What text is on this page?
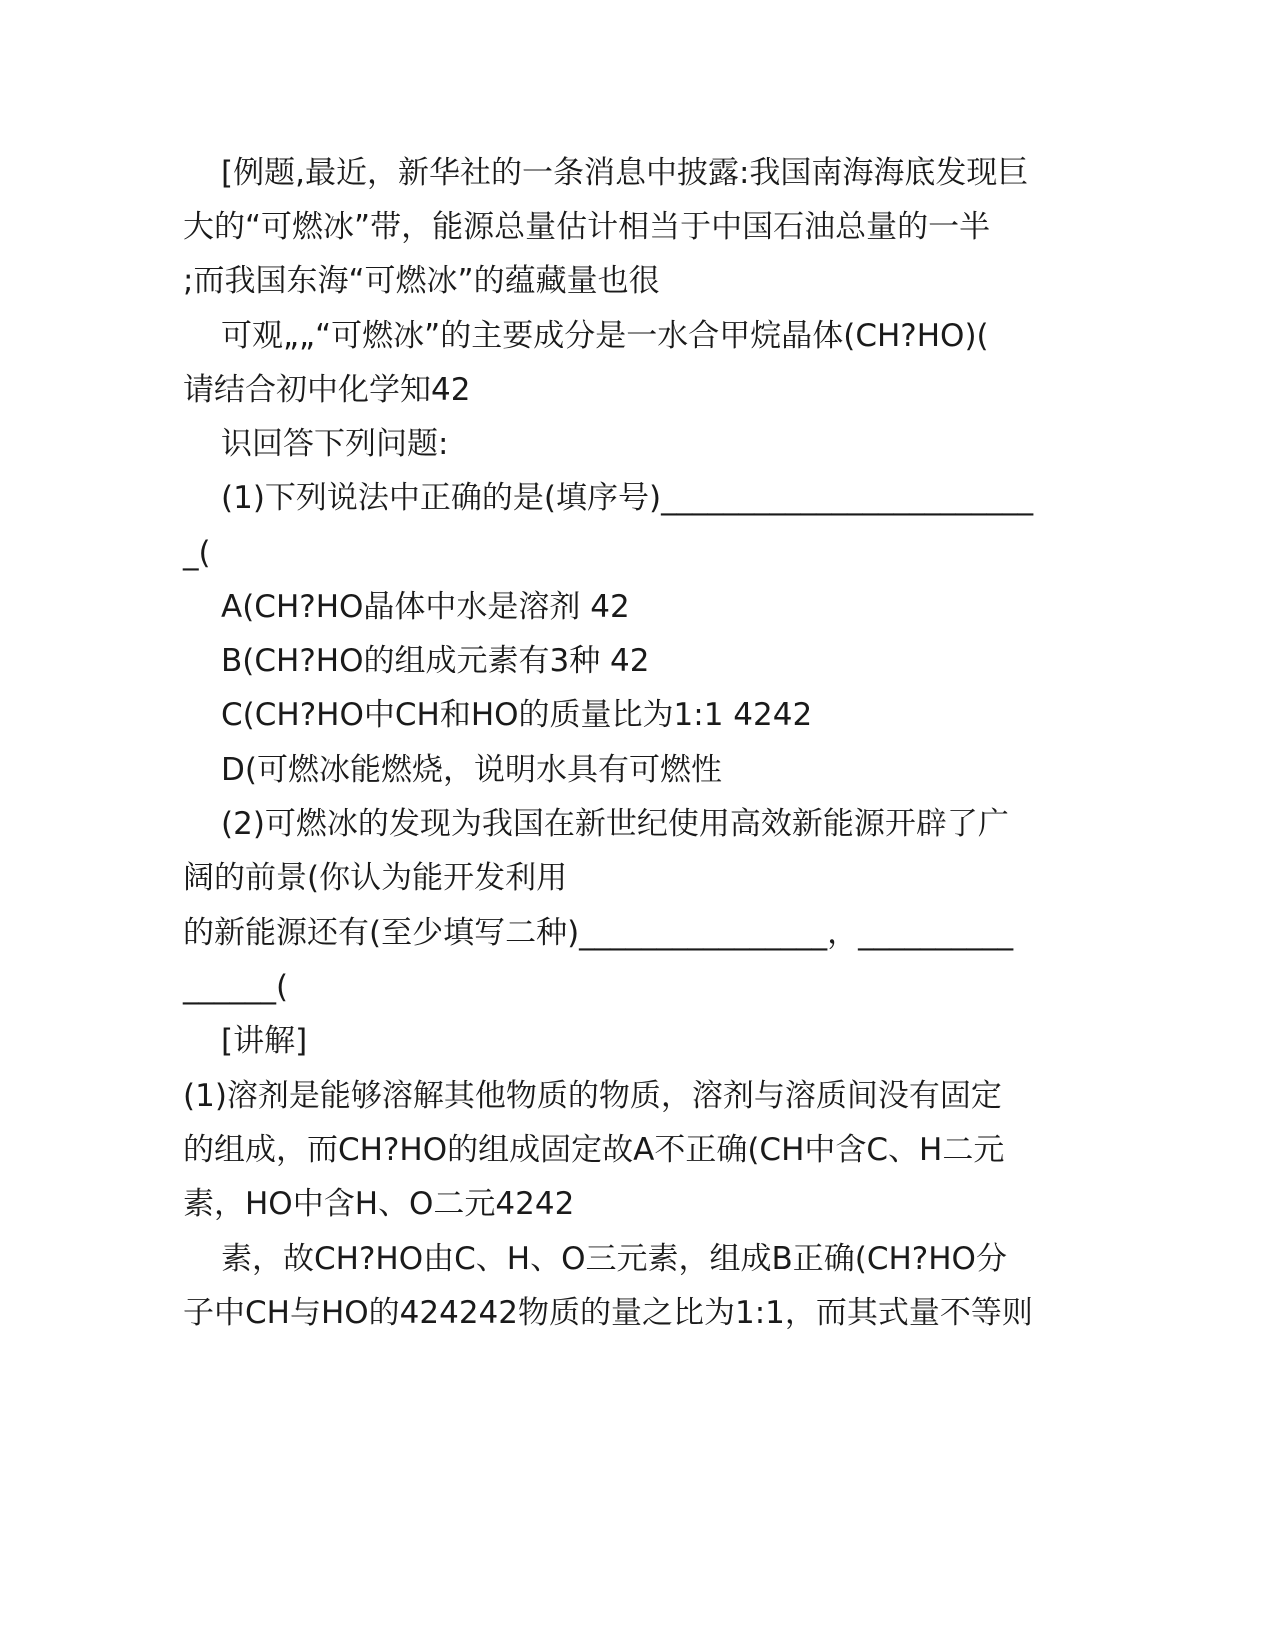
[例题,最近，新华社的一条消息中披露:我国南海海底发现巨
大的“可燃冰”带，能源总量估计相当于中国石油总量的一半
;而我国东海“可燃冰”的蕴藏量也很
可观„„“可燃冰”的主要成分是一水合甲烷晶体(CH?HO)(
请结合初中化学知42
识回答下列问题:
(1)下列说法中正确的是(填序号)________________________
_(
A(CH?HO晶体中水是溶剂 42
B(CH?HO的组成元素有3种 42
C(CH?HO中CH和HO的质量比为1:1 4242
D(可燃冰能燃烧，说明水具有可燃性
(2)可燃冰的发现为我国在新世纪使用高效新能源开辟了广
阔的前景(你认为能开发利用
的新能源还有(至少填写二种)________________，__________
______(
[讲解]
(1)溶剂是能够溶解其他物质的物质，溶剂与溶质间没有固定
的组成，而CH?HO的组成固定故A不正确(CH中含C、H二元
素，HO中含H、O二元4242
素，故CH?HO由C、H、O三元素，组成B正确(CH?HO分
子中CH与HO的424242物质的量之比为1:1，而其式量不等则
